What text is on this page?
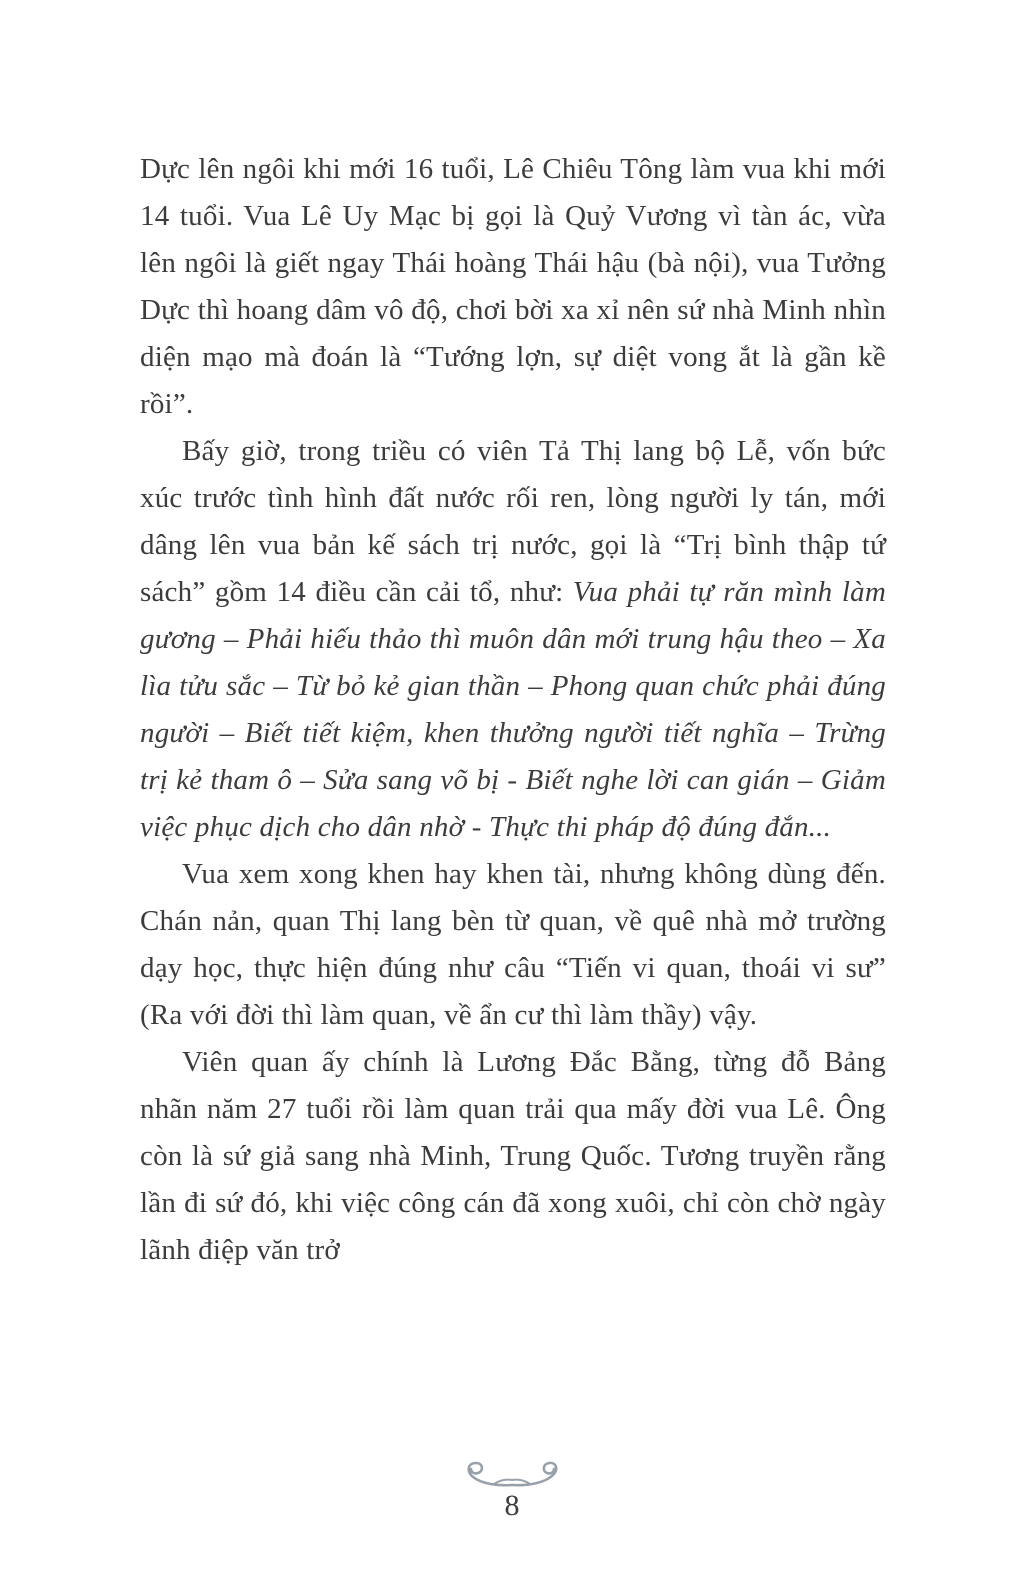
Dực lên ngôi khi mới 16 tuổi, Lê Chiêu Tông làm vua khi mới 14 tuổi. Vua Lê Uy Mạc bị gọi là Quỷ Vương vì tàn ác, vừa lên ngôi là giết ngay Thái hoàng Thái hậu (bà nội), vua Tưởng Dực thì hoang dâm vô độ, chơi bời xa xỉ nên sứ nhà Minh nhìn diện mạo mà đoán là “Tướng lợn, sự diệt vong ắt là gần kề rồi”.

Bấy giờ, trong triều có viên Tả Thị lang bộ Lễ, vốn bức xúc trước tình hình đất nước rối ren, lòng người ly tán, mới dâng lên vua bản kế sách trị nước, gọi là “Trị bình thập tứ sách” gồm 14 điều cần cải tổ, như: Vua phải tự răn mình làm gương – Phải hiếu thảo thì muôn dân mới trung hậu theo – Xa lìa tửu sắc – Từ bỏ kẻ gian thần – Phong quan chức phải đúng người – Biết tiết kiệm, khen thưởng người tiết nghĩa – Trừng trị kẻ tham ô – Sửa sang võ bị - Biết nghe lời can gián – Giảm việc phục dịch cho dân nhờ - Thực thi pháp độ đúng đắn...

Vua xem xong khen hay khen tài, nhưng không dùng đến. Chán nản, quan Thị lang bèn từ quan, về quê nhà mở trường dạy học, thực hiện đúng như câu “Tiến vi quan, thoái vi sư” (Ra với đời thì làm quan, về ẩn cư thì làm thầy) vậy.

Viên quan ấy chính là Lương Đắc Bằng, từng đỗ Bảng nhãn năm 27 tuổi rồi làm quan trải qua mấy đời vua Lê. Ông còn là sứ giả sang nhà Minh, Trung Quốc. Tương truyền rằng lần đi sứ đó, khi việc công cán đã xong xuôi, chỉ còn chờ ngày lãnh điệp văn trở

8
